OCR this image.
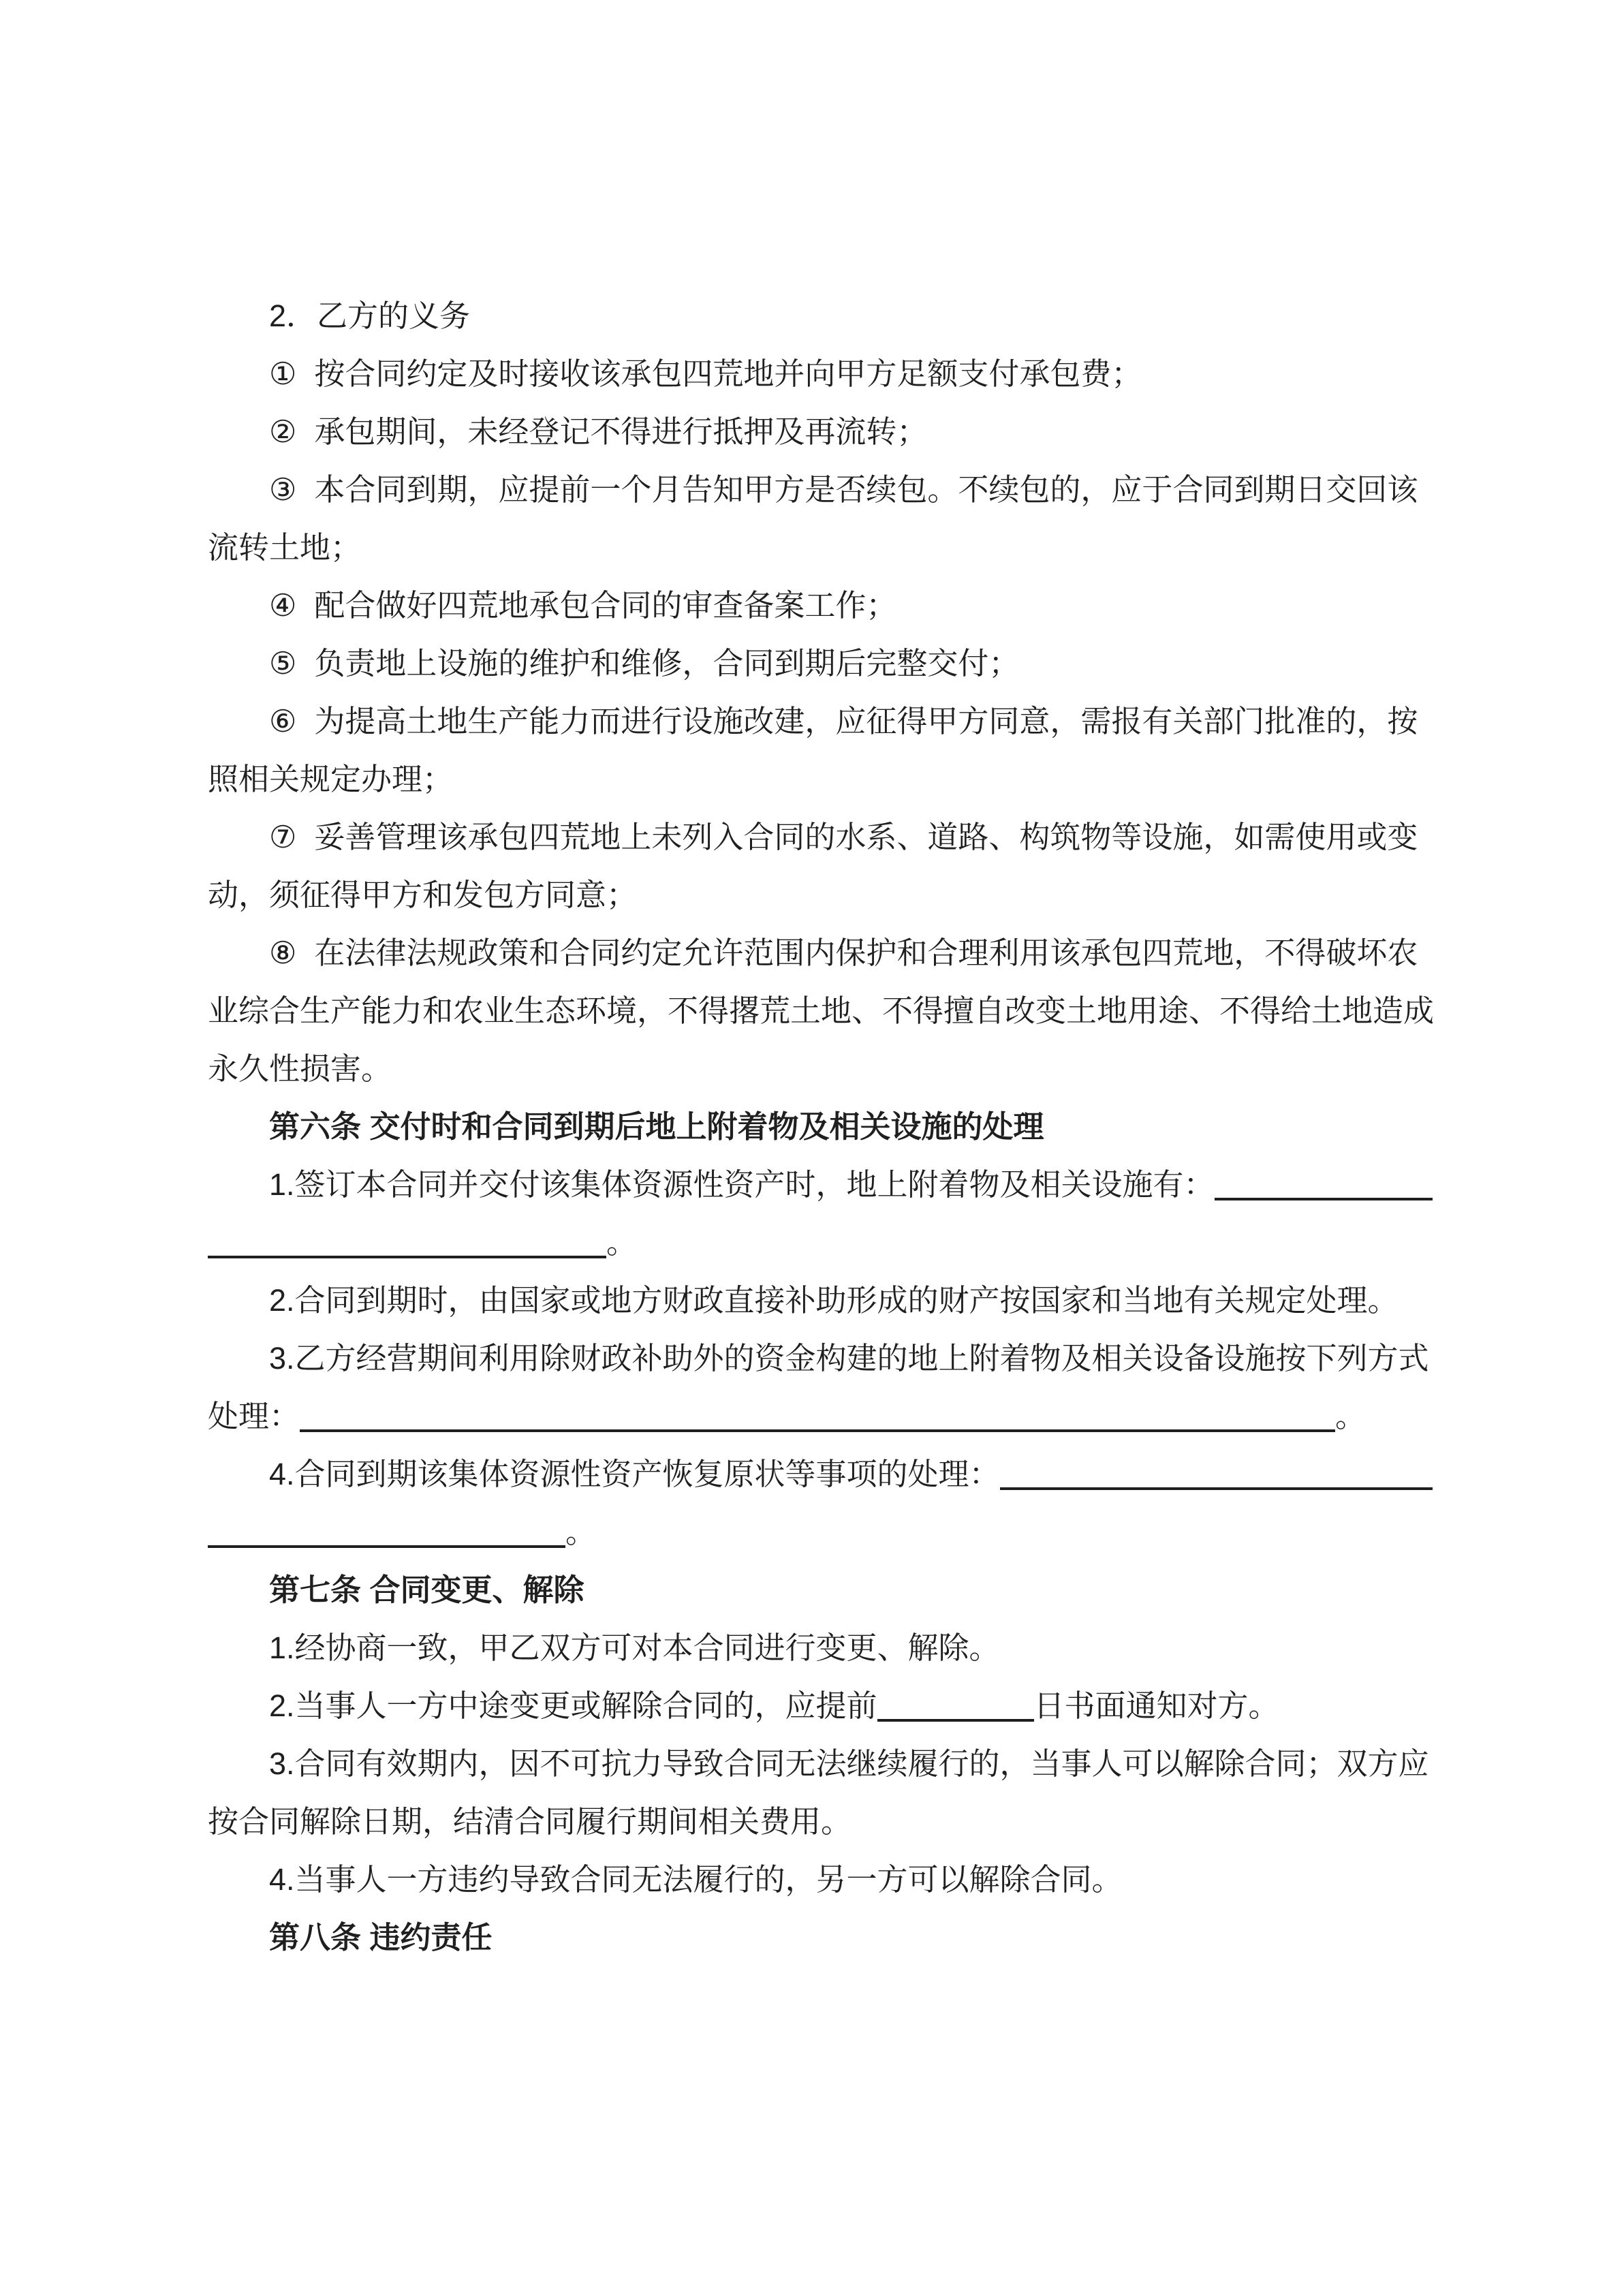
2．乙方的义务
① 按合同约定及时接收该承包四荒地并向甲方足额支付承包费；
② 承包期间，未经登记不得进行抵押及再流转；
③ 本合同到期，应提前一个月告知甲方是否续包。不续包的，应于合同到期日交回该
流转土地；
④ 配合做好四荒地承包合同的审查备案工作；
⑤ 负责地上设施的维护和维修，合同到期后完整交付；
⑥ 为提高土地生产能力而进行设施改建，应征得甲方同意，需报有关部门批准的，按
照相关规定办理；
⑦ 妥善管理该承包四荒地上未列入合同的水系、道路、构筑物等设施，如需使用或变
动，须征得甲方和发包方同意；
⑧ 在法律法规政策和合同约定允许范围内保护和合理利用该承包四荒地，不得破坏农
业综合生产能力和农业生态环境，不得撂荒土地、不得擅自改变土地用途、不得给土地造成
永久性损害。
第六条 交付时和合同到期后地上附着物及相关设施的处理
1.签订本合同并交付该集体资源性资产时，地上附着物及相关设施有：
。
2.合同到期时，由国家或地方财政直接补助形成的财产按国家和当地有关规定处理。
3.乙方经营期间利用除财政补助外的资金构建的地上附着物及相关设备设施按下列方式
处理：	。
4.合同到期该集体资源性资产恢复原状等事项的处理：
。
第七条 合同变更、解除
1.经协商一致，甲乙双方可对本合同进行变更、解除。
2.当事人一方中途变更或解除合同的，应提前	日书面通知对方。
3.合同有效期内，因不可抗力导致合同无法继续履行的，当事人可以解除合同；双方应
按合同解除日期，结清合同履行期间相关费用。
4.当事人一方违约导致合同无法履行的，另一方可以解除合同。
第八条 违约责任
